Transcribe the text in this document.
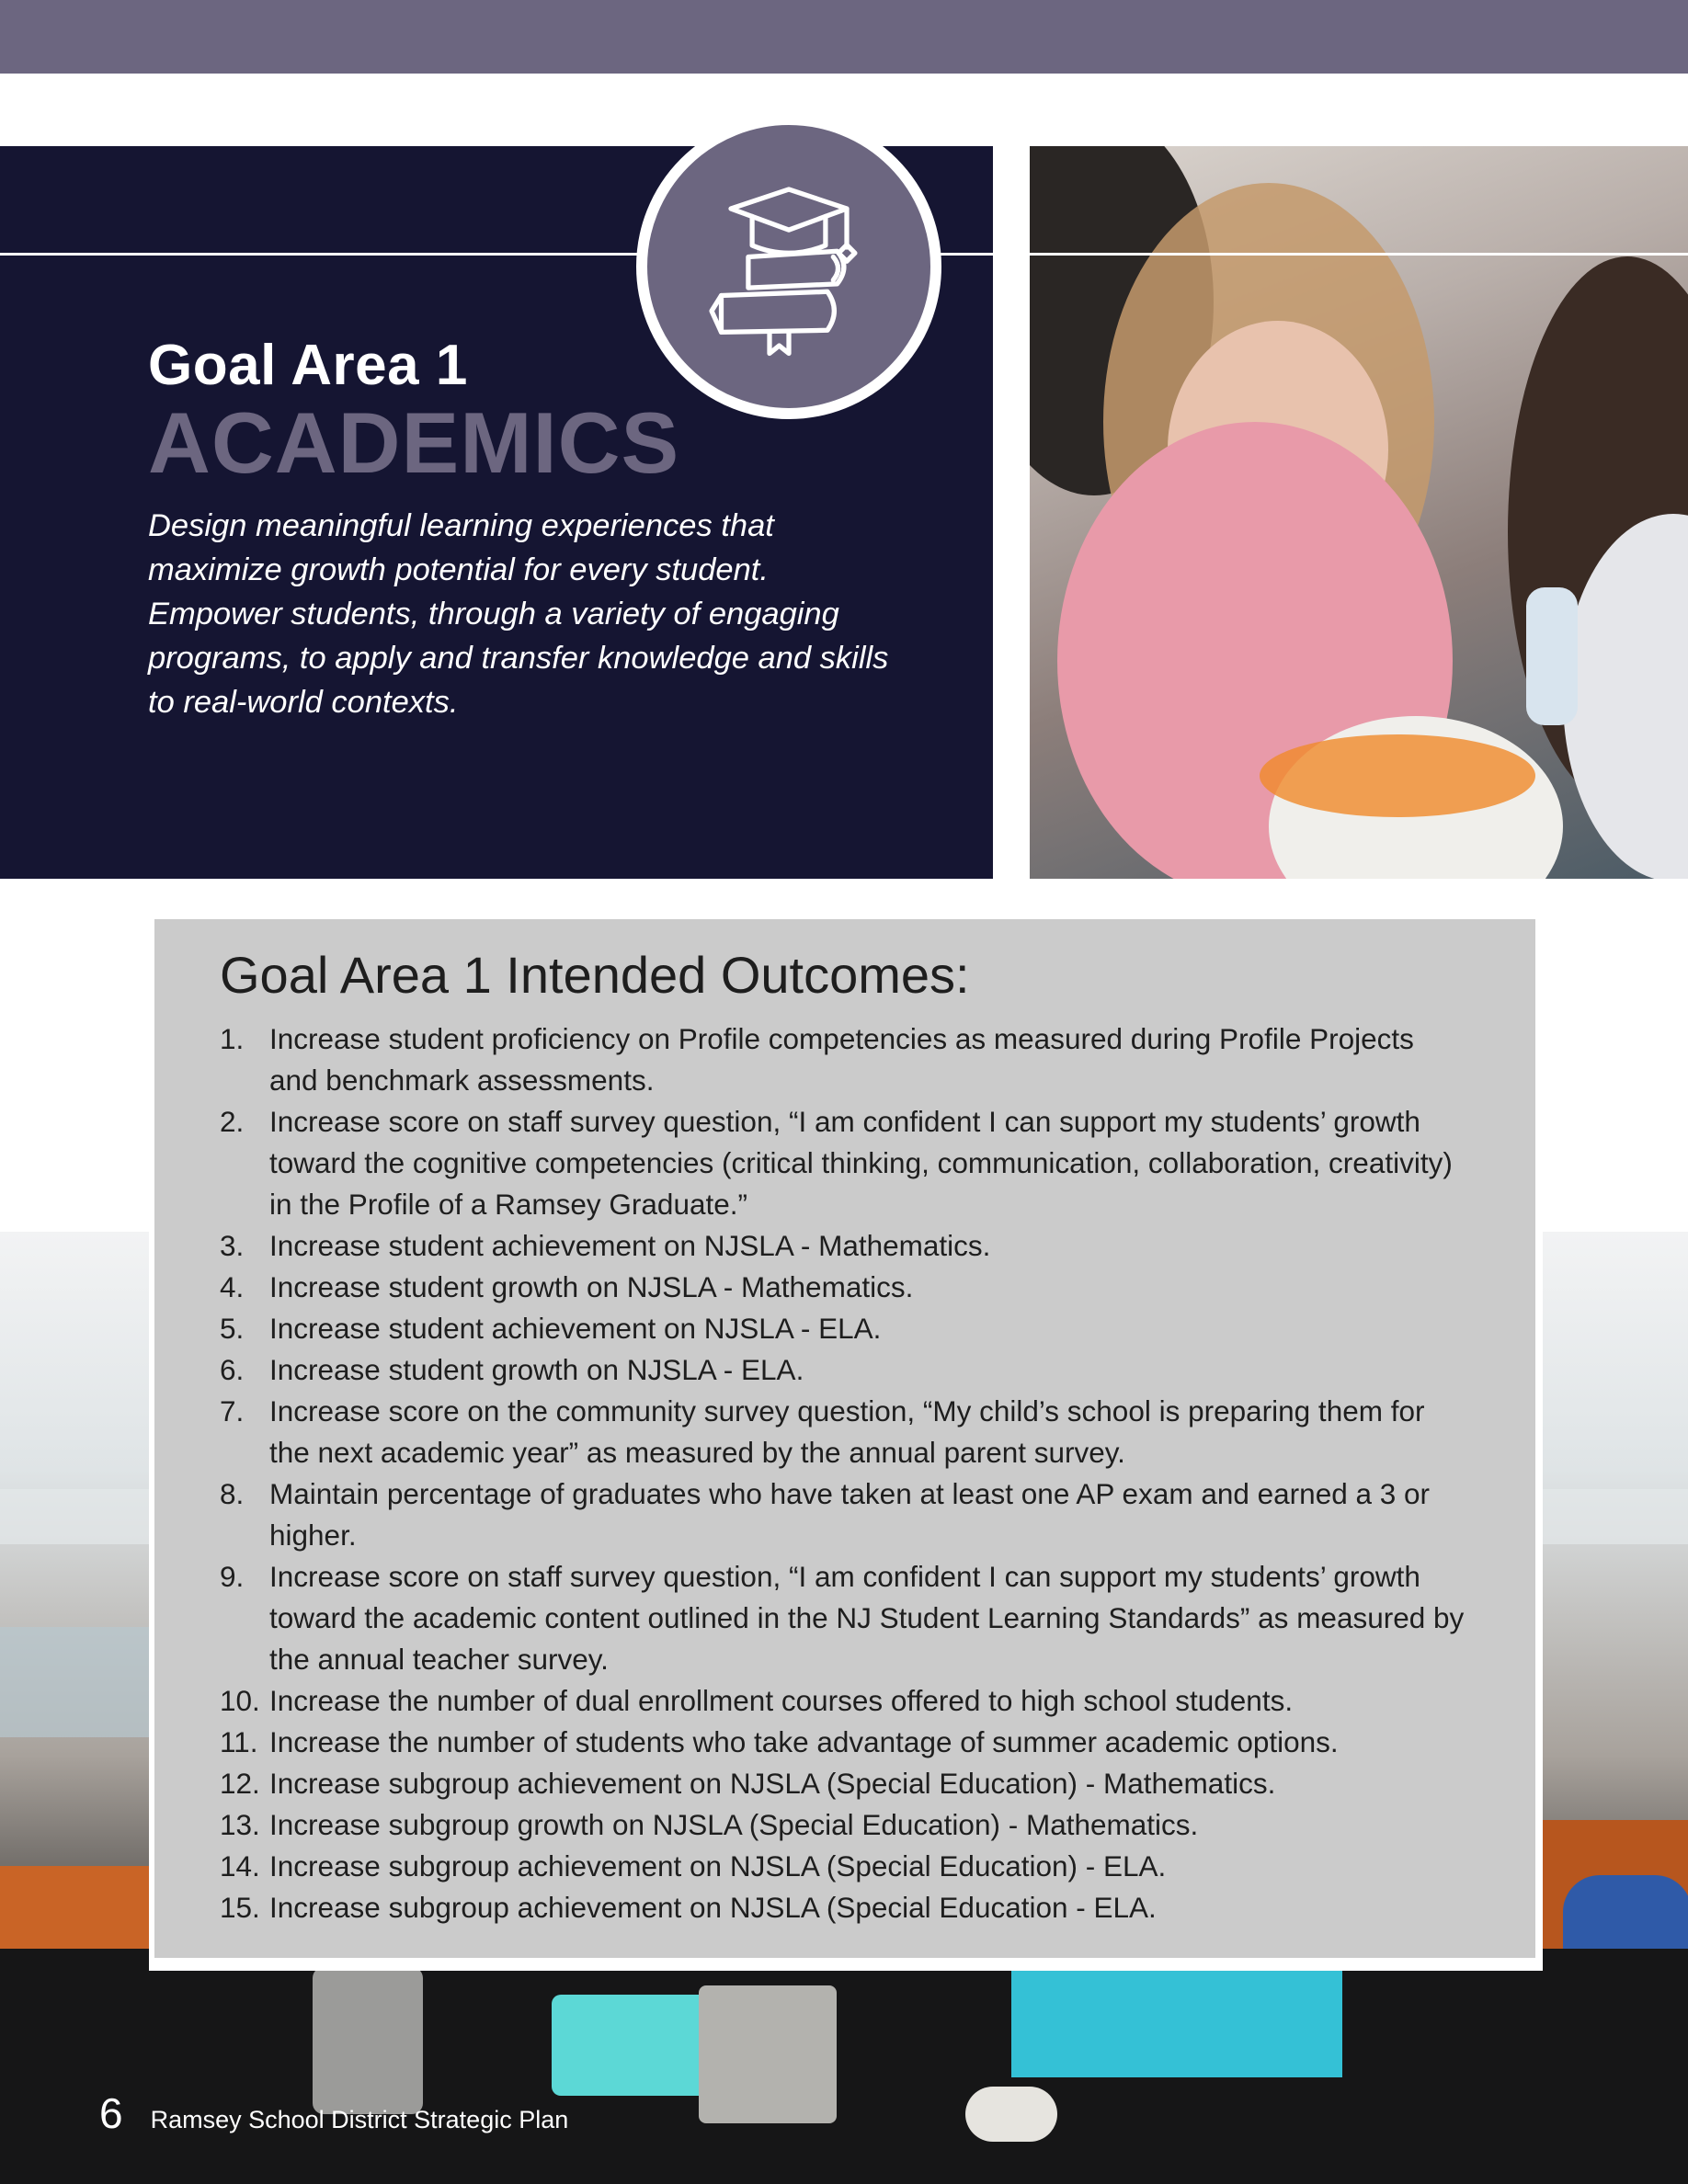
Goal Area 1
ACADEMICS
Design meaningful learning experiences that maximize growth potential for every student. Empower students, through a variety of engaging programs, to apply and transfer knowledge and skills to real-world contexts.
Goal Area 1 Intended Outcomes:
1. Increase student proficiency on Profile competencies as measured during Profile Projects and benchmark assessments.
2. Increase score on staff survey question, “I am confident I can support my students’ growth toward the cognitive competencies (critical thinking, communication, collaboration, creativity) in the Profile of a Ramsey Graduate.”
3. Increase student achievement on NJSLA - Mathematics.
4. Increase student growth on NJSLA - Mathematics.
5. Increase student achievement on NJSLA - ELA.
6. Increase student growth on NJSLA - ELA.
7. Increase score on the community survey question, “My child’s school is preparing them for the next academic year” as measured by the annual parent survey.
8. Maintain percentage of graduates who have taken at least one AP exam and earned a 3 or higher.
9. Increase score on staff survey question, “I am confident I can support my students’ growth toward the academic content outlined in the NJ Student Learning Standards” as measured by the annual teacher survey.
10. Increase the number of dual enrollment courses offered to high school students.
11. Increase the number of students who take advantage of summer academic options.
12. Increase subgroup achievement on NJSLA (Special Education) - Mathematics.
13. Increase subgroup growth on NJSLA (Special Education) - Mathematics.
14. Increase subgroup achievement on NJSLA (Special Education) - ELA.
15. Increase subgroup achievement on NJSLA (Special Education - ELA.
6 Ramsey School District Strategic Plan
